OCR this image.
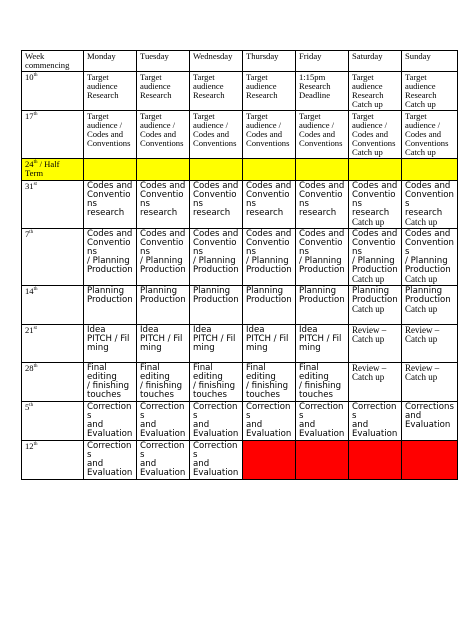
Week commencing	Monday	Tuesday	Wednesday	Thursday	Friday	Saturday	Sunday
10th	Target
audience
Research	Target
audience
Research	Target
audience
Research	Target
audience
Research	1:15pm
Research
Deadline	Target
audience
Research
Catch up	Target
audience
Research
Catch up
17th	Target
audience /
Codes and
Conventions	Target
audience /
Codes and
Conventions	Target
audience /
Codes and
Conventions	Target
audience /
Codes and
Conventions	Target
audience /
Codes and
Conventions	Target
audience /
Codes and
Conventions
Catch up	Target
audience /
Codes and
Conventions
Catch up
24th / Half
Term							
31st	Codes and
Conventions
research	Codes and
Conventions
research	Codes and
Conventions
research	Codes and
Conventions
research	Codes and
Conventions
research	Codes and
Conventions
research
Catch up	Codes and
Conventions
research
Catch up

7th	Codes and
Conventions
/ Planning
Production	Codes and
Conventions
/ Planning
Production	Codes and
Conventions
/ Planning
Production	Codes and
Conventions
/ Planning
Production	Codes and
Conventions
/ Planning
Production	Codes and
Conventions
/ Planning
Production
Catch up	Codes and
Conventions
/ Planning
Production
Catch up

14th	Planning
Production	Planning
Production	Planning
Production	Planning
Production	Planning
Production	Planning
Production
Catch up	Planning
Production
Catch up

21st	Idea
PITCH / Fil
ming	Idea
PITCH / Fil
ming	Idea
PITCH / Fil
ming	Idea
PITCH / Fil
ming	Idea
PITCH / Fil
ming	Review –
Catch up	Review –
Catch up

28th	Final editing
/ finishing
touches	Final editing
/ finishing
touches	Final editing
/ finishing
touches	Final editing
/ finishing
touches	Final editing
/ finishing
touches	Review –
Catch up	Review –
Catch up

5th	Corrections
and
Evaluation	Corrections
and
Evaluation	Corrections
and
Evaluation	Corrections
and
Evaluation	Corrections
and
Evaluation	Corrections
and
Evaluation	Corrections
and
Evaluation
12th	Corrections
and
Evaluation	Corrections
and
Evaluation	Corrections
and
Evaluation				
